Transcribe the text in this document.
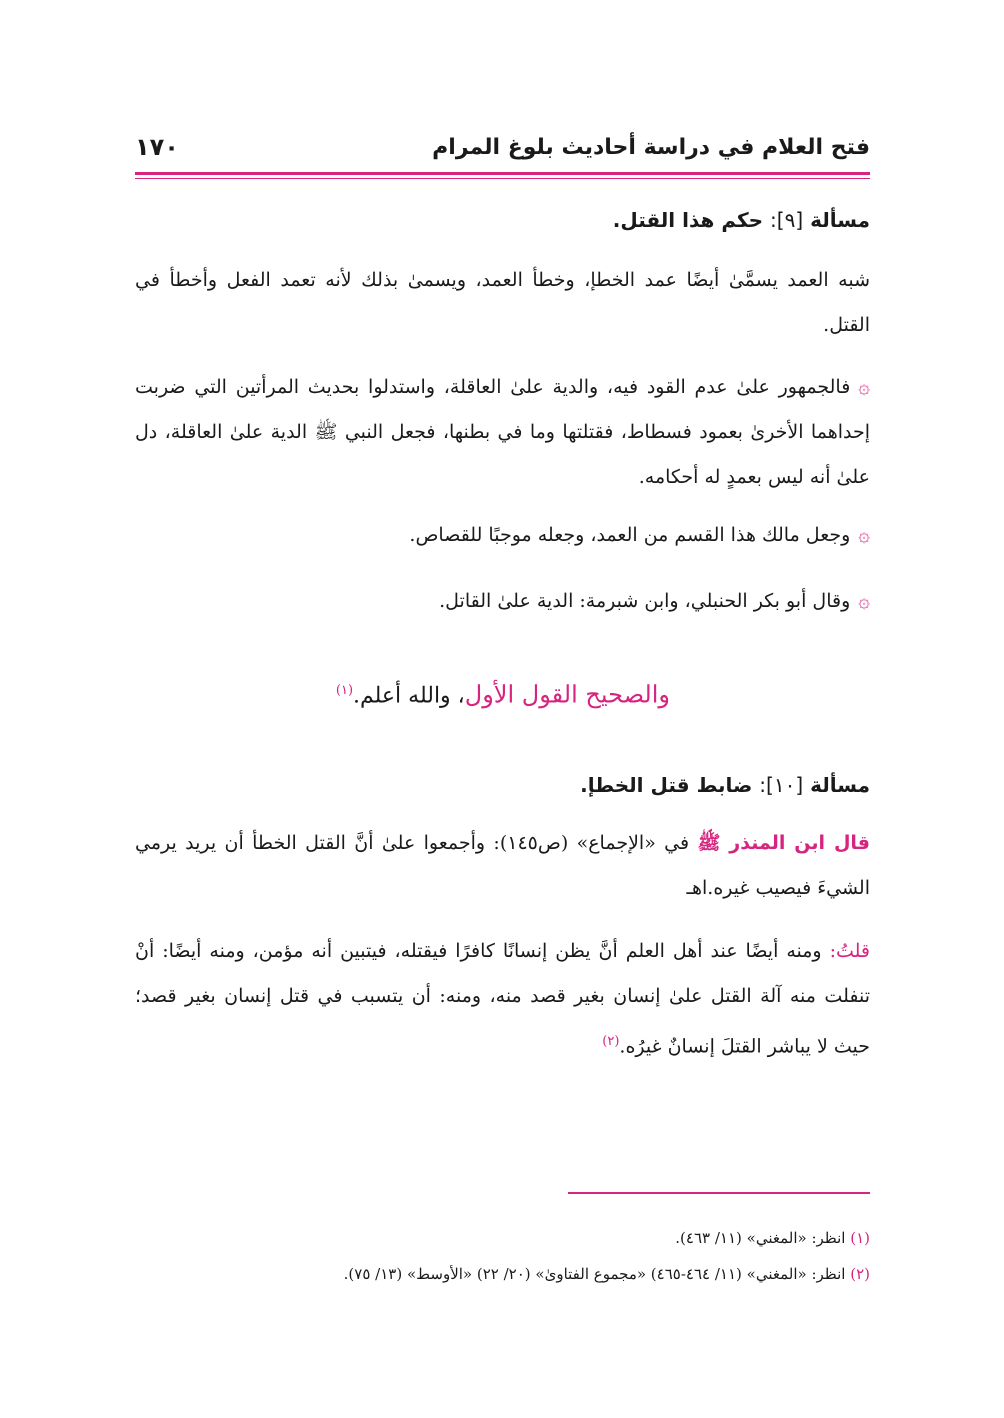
فتح العلام في دراسة أحاديث بلوغ المرام
١٧٠
مسألة [٩]: حكم هذا القتل.

شبه العمد يسمَّىٰ أيضًا عمد الخطإ، وخطأ العمد، ويسمىٰ بذلك لأنه تعمد الفعل وأخطأ في القتل.

۞فالجمهور علىٰ عدم القود فيه، والدية علىٰ العاقلة، واستدلوا بحديث المرأتين التي ضربت إحداهما الأخرىٰ بعمود فسطاط، فقتلتها وما في بطنها، فجعل النبي ﷺ الدية علىٰ العاقلة، دل علىٰ أنه ليس بعمدٍ له أحكامه.

۞وجعل مالك هذا القسم من العمد، وجعله موجبًا للقصاص.

۞وقال أبو بكر الحنبلي، وابن شبرمة: الدية علىٰ القاتل.

والصحيح القول الأول، والله أعلم.$^{(١)}$

مسألة [١٠]: ضابط قتل الخطإ.

قال ابن المنذر ﷺ في «الإجماع» (ص١٤٥): وأجمعوا علىٰ أنَّ القتل الخطأ أن يريد يرمي الشيءَ فيصيب غيره.اهـ

قلتُ: ومنه أيضًا عند أهل العلم أنَّ يظن إنسانًا كافرًا فيقتله، فيتبين أنه مؤمن، ومنه أيضًا: أنْ تنفلت منه آلة القتل علىٰ إنسان بغير قصد منه، ومنه: أن يتسبب في قتل إنسان بغير قصد؛ حيث لا يباشر القتلَ إنسانٌ غيرُه.$^{(٢)}$

(١) انظر: «المغني» (١١/ ٤٦٣).
(٢) انظر: «المغني» (١١/ ٤٦٤-٤٦٥) «مجموع الفتاوىٰ» (٢٠/ ٢٢) «الأوسط» (١٣/ ٧٥).
